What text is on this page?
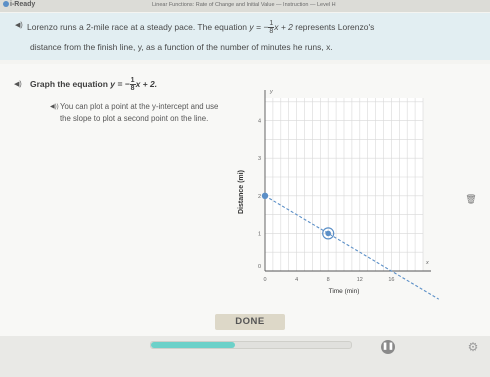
i-Ready	Linear Functions: Rate of Change and Initial Value — Instruction — Level H
◀) Lorenzo runs a 2-mile race at a steady pace. The equation y = − $\frac{1}{8}$ x + 2 represents Lorenzo's
distance from the finish line, y, as a function of the number of minutes he runs, x.
◀) Graph the equation y = − $\frac{1}{8}$ x + 2.
◀)) You can plot a point at the y-intercept and use the slope to plot a second point on the line.
x
y
0	4	8	12	16
1
2
3
4
0
Distance (mi)
Time (min)
🗑
DONE
❚❚	⚙
